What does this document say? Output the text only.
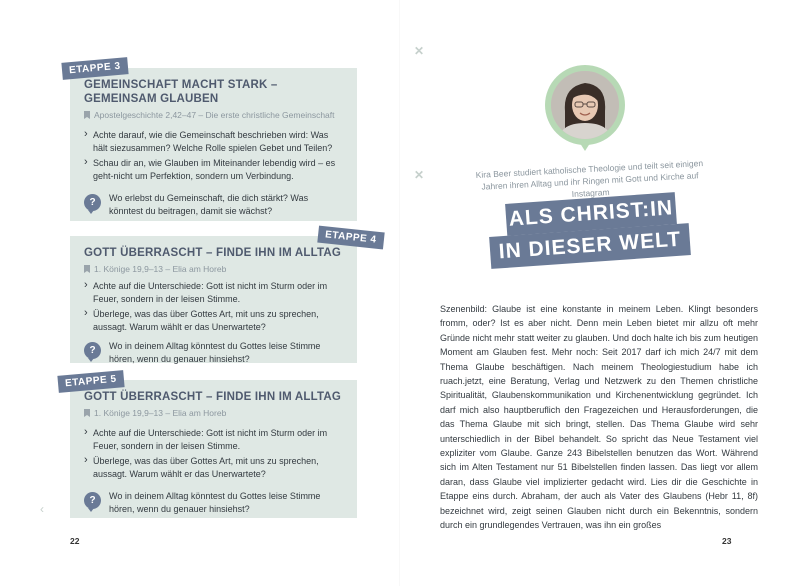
GEMEINSCHAFT MACHT STARK – GEMEINSAM GLAUBEN
Apostelgeschichte 2,42–47 – Die erste christliche Gemeinschaft
› Achte darauf, wie die Gemeinschaft beschrieben wird: Was hält siezusammen? Welche Rolle spielen Gebet und Teilen?
› Schau dir an, wie Glauben im Miteinander lebendig wird – es geht-nicht um Perfektion, sondern um Verbindung.
?	Wo erlebst du Gemeinschaft, die dich stärkt? Was könntest du beitragen, damit sie wächst?
ETAPPE 3
GOTT ÜBERRASCHT – FINDE IHN IM ALLTAG
1. Könige 19,9–13 – Elia am Horeb
› Achte auf die Unterschiede: Gott ist nicht im Sturm oder im Feuer, sondern in der leisen Stimme.
› Überlege, was das über Gottes Art, mit uns zu sprechen, aussagt. Warum wählt er das Unerwartete?
?	Wo in deinem Alltag könntest du Gottes leise Stimme hören, wenn du genauer hinsiehst?
ETAPPE 4
GOTT ÜBERRASCHT – FINDE IHN IM ALLTAG
1. Könige 19,9–13 – Elia am Horeb
› Achte auf die Unterschiede: Gott ist nicht im Sturm oder im Feuer, sondern in der leisen Stimme.
› Überlege, was das über Gottes Art, mit uns zu sprechen, aussagt. Warum wählt er das Unerwartete?
?	Wo in deinem Alltag könntest du Gottes leise Stimme hören, wenn du genauer hinsiehst?
ETAPPE 5
‹
22
✕
✕	Kira Beer studiert katholische Theologie und teilt seit einigen Jahren ihren Alltag und ihr Ringen mit Gott und Kirche auf Instagram
ALS CHRIST:IN
IN DIESER WELT

Szenenbild: Glaube ist eine konstante in meinem Leben. Klingt besonders fromm, oder? Ist es aber nicht. Denn mein Leben bietet mir allzu oft mehr Gründe nicht mehr statt weiter zu glauben. Und doch halte ich bis zum heutigen Moment am Glauben fest. Mehr noch: Seit 2017 darf ich mich 24/7 mit dem Thema Glaube beschäftigen. Nach meinem Theologiestudium habe ich ruach.jetzt, eine Beratung, Verlag und Netzwerk zu den Themen christliche Spiritualität, Glaubenskommunikation und Kirchenentwicklung gegründet. Ich darf mich also hauptberuflich den Fragezeichen und Herausforderungen, die das Thema Glaube mit sich bringt, stellen. Das Thema Glaube wird sehr unterschiedlich in der Bibel behandelt. So spricht das Neue Testament viel expliziter vom Glaube. Ganze 243 Bibelstellen benutzen das Wort. Während sich im Alten Testament nur 51 Bibelstellen finden lassen. Das liegt vor allem daran, dass Glaube viel implizierter gedacht wird. Lies dir die Geschichte in Etappe eins durch. Abraham, der auch als Vater des Glaubens (Hebr 11, 8f) bezeichnet wird, zeigt seinen Glauben nicht durch ein Bekenntnis, sondern durch ein grundlegendes Vertrauen, was ihn ein großes

23
